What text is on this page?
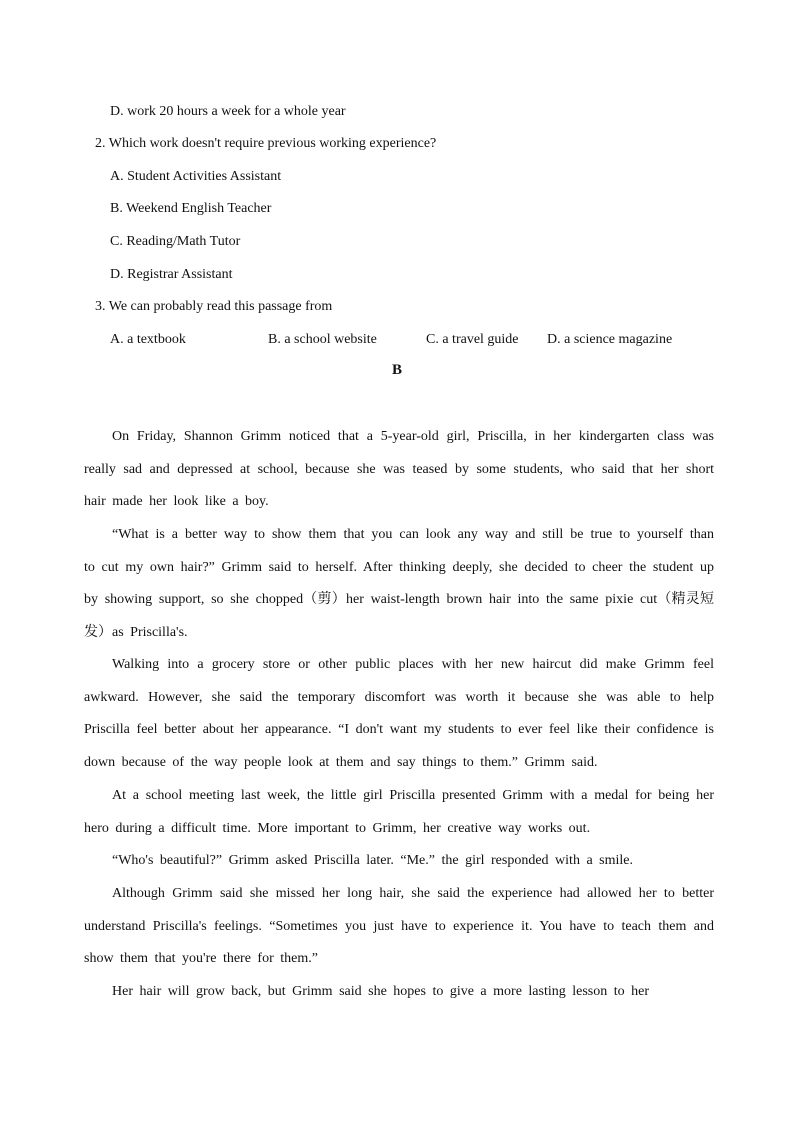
D. work 20 hours a week for a whole year
2. Which work doesn't require previous working experience?
A. Student Activities Assistant
B. Weekend English Teacher
C. Reading/Math Tutor
D. Registrar Assistant
3. We can probably read this passage from
A. a textbook	B. a school website	C. a travel guide D. a science magazine
B
On Friday, Shannon Grimm noticed that a 5-year-old girl, Priscilla, in her kindergarten class was really sad and depressed at school, because she was teased by some students, who said that her short hair made her look like a boy.
“What is a better way to show them that you can look any way and still be true to yourself than to cut my own hair?” Grimm said to herself. After thinking deeply, she decided to cheer the student up by showing support, so she chopped（剪）her waist-length brown hair into the same pixie cut（精灵短发）as Priscilla's.
Walking into a grocery store or other public places with her new haircut did make Grimm feel awkward. However, she said the temporary discomfort was worth it because she was able to help Priscilla feel better about her appearance. “I don't want my students to ever feel like their confidence is down because of the way people look at them and say things to them.” Grimm said.
At a school meeting last week, the little girl Priscilla presented Grimm with a medal for being her hero during a difficult time. More important to Grimm, her creative way works out.
“Who's beautiful?” Grimm asked Priscilla later. “Me.” the girl responded with a smile.
Although Grimm said she missed her long hair, she said the experience had allowed her to better understand Priscilla's feelings. “Sometimes you just have to experience it. You have to teach them and show them that you're there for them.”
Her hair will grow back, but Grimm said she hopes to give a more lasting lesson to her
